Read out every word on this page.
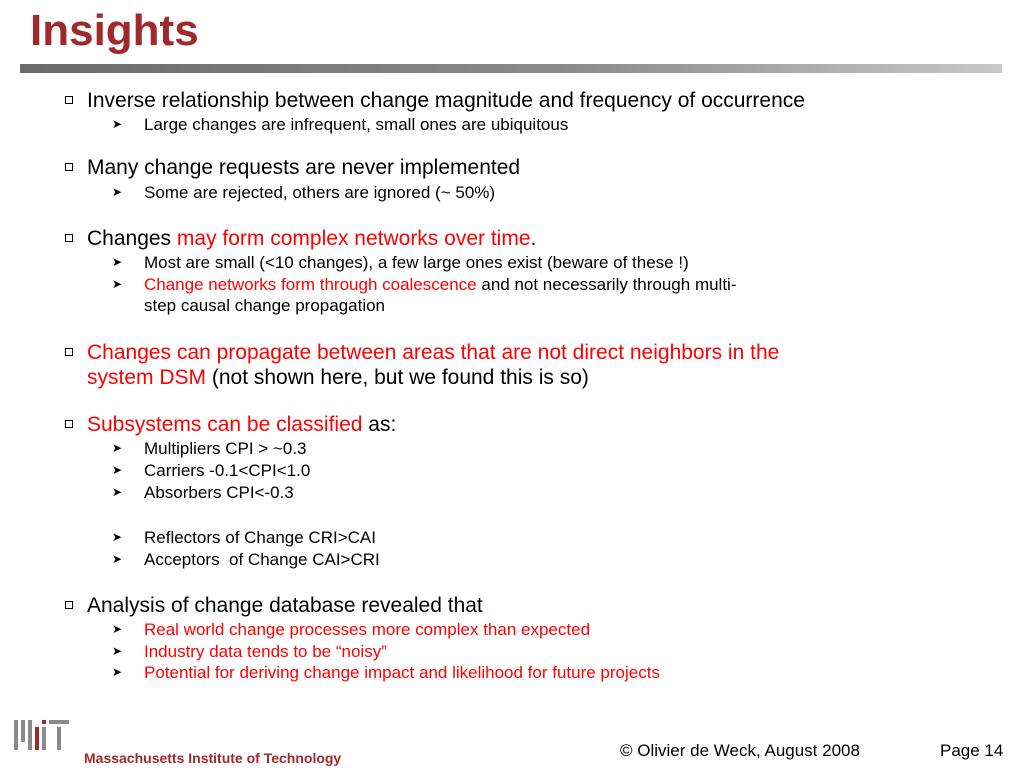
Insights
Inverse relationship between change magnitude and frequency of occurrence
➤ Large changes are infrequent, small ones are ubiquitous
Many change requests are never implemented
➤ Some are rejected, others are ignored (~ 50%)
Changes may form complex networks over time.
➤ Most are small (<10 changes), a few large ones exist (beware of these !)
➤ Change networks form through coalescence and not necessarily through multi-
step causal change propagation
Changes can propagate between areas that are not direct neighbors in the
system DSM (not shown here, but we found this is so)
Subsystems can be classified as:
➤ Multipliers CPI > ~0.3
➤ Carriers -0.1<CPI<1.0
➤ Absorbers CPI<-0.3
➤ Reflectors of Change CRI>CAI
➤ Acceptors  of Change CAI>CRI
Analysis of change database revealed that
➤ Real world change processes more complex than expected
➤ Industry data tends to be “noisy”
➤ Potential for deriving change impact and likelihood for future projects
Massachusetts Institute of Technology	© Olivier de Weck, August 2008	Page 14
